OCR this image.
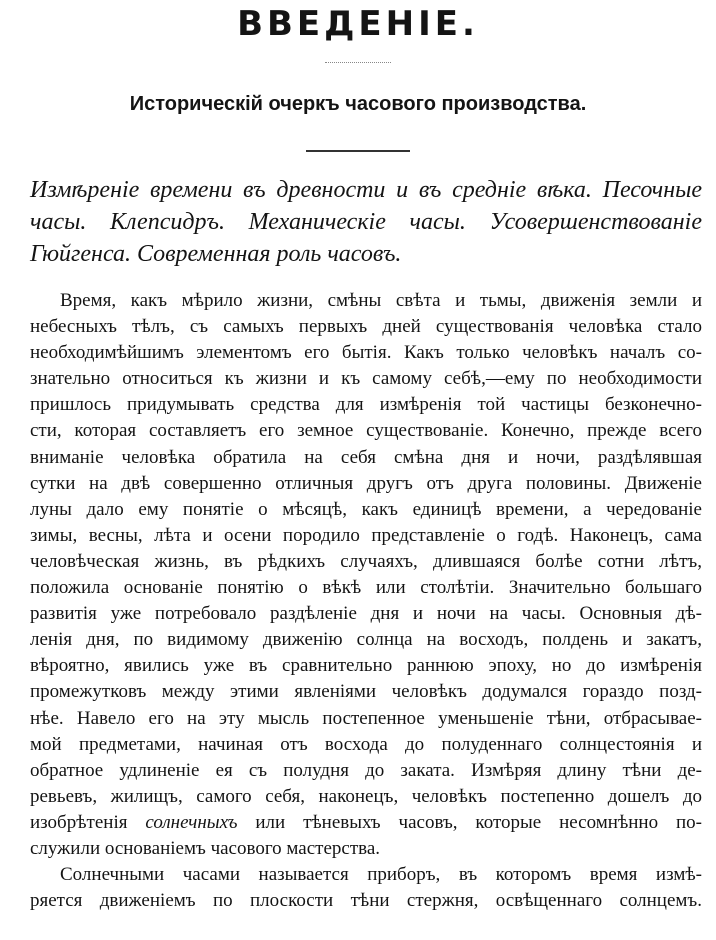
ВВЕДЕНІЕ.
Историческій очеркъ часового производства.
Измѣреніе времени въ древности и въ средніе вѣка. Песочные часы. Клепсидръ. Механическіе часы. Усовершенствованіе Гюйгенса. Современная роль часовъ.
Время, какъ мѣрило жизни, смѣны свѣта и тьмы, движенія земли и
небесныхъ тѣлъ, съ самыхъ первыхъ дней существованія человѣка стало
необходимѣйшимъ элементомъ его бытія. Какъ только человѣкъ началъ со-
знательно относиться къ жизни и къ самому себѣ,—ему по необходимости
пришлось придумывать средства для измѣренія той частицы безконечно-
сти, которая составляетъ его земное существованіе. Конечно, прежде всего
вниманіе человѣка обратила на себя смѣна дня и ночи, раздѣлявшая
сутки на двѣ совершенно отличныя другъ отъ друга половины. Движеніе
луны дало ему понятіе о мѣсяцѣ, какъ единицѣ времени, а чередованіе
зимы, весны, лѣта и осени породило представленіе о годѣ. Наконецъ, сама
человѣческая жизнь, въ рѣдкихъ случаяхъ, длившаяся болѣе сотни лѣтъ,
положила основаніе понятію о вѣкѣ или столѣтіи. Значительно большаго
развитія уже потребовало раздѣленіе дня и ночи на часы. Основныя дѣ-
ленія дня, по видимому движенію солнца на восходъ, полдень и закатъ,
вѣроятно, явились уже въ сравнительно раннюю эпоху, но до измѣренія
промежутковъ между этими явленіями человѣкъ додумался гораздо позд-
нѣе. Навело его на эту мысль постепенное уменьшеніе тѣни, отбрасывае-
мой предметами, начиная отъ восхода до полуденнаго солнцестоянія и
обратное удлиненіе ея съ полудня до заката. Измѣряя длину тѣни де-
ревьевъ, жилищъ, самого себя, наконецъ, человѣкъ постепенно дошелъ до
изобрѣтенія солнечныхъ или тѣневыхъ часовъ, которые несомнѣнно по-
служили основаніемъ часового мастерства.
Солнечными часами называется приборъ, въ которомъ время измѣ-
ряется движеніемъ по плоскости тѣни стержня, освѣщеннаго солнцемъ.
